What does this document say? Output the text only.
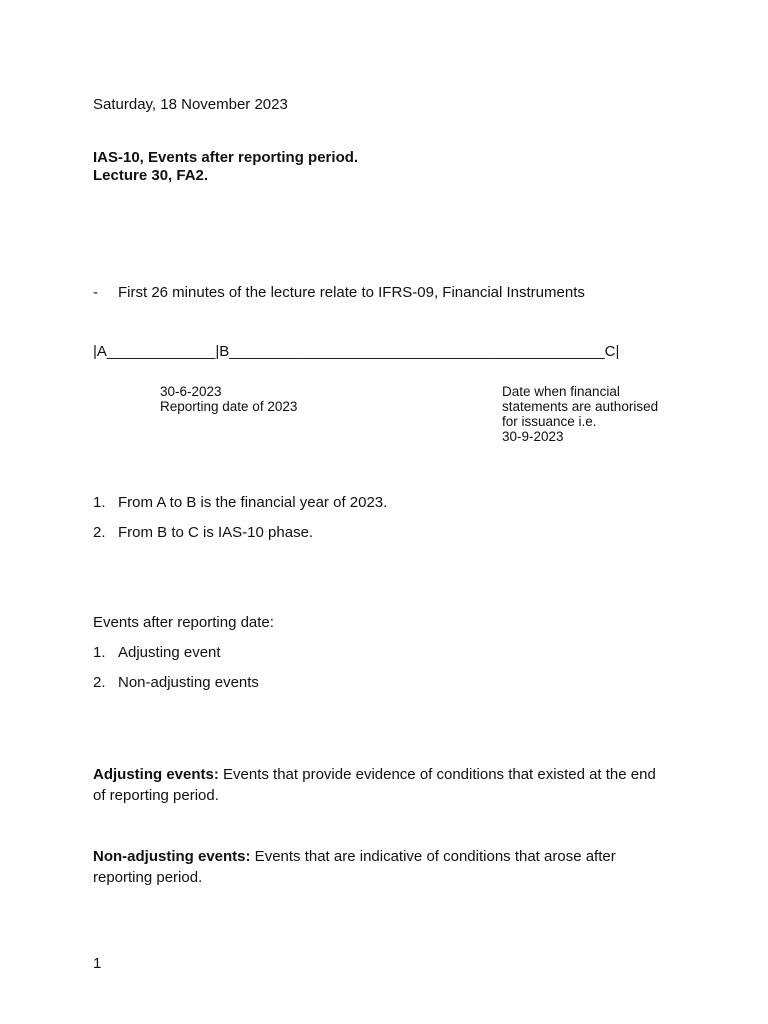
Saturday, 18 November 2023
IAS-10, Events after reporting period.
Lecture 30, FA2.
-	First 26 minutes of the lecture relate to IFRS-09, Financial Instruments
|A_____________|B_____________________________________________C|
30-6-2023
Reporting date of 2023
Date when financial
statements are authorised
for issuance i.e.
30-9-2023
1. From A to B is the financial year of 2023.
2. From B to C is IAS-10 phase.
Events after reporting date:
1. Adjusting event
2. Non-adjusting events
Adjusting events: Events that provide evidence of conditions that existed at the end of reporting period.
Non-adjusting events: Events that are indicative of conditions that arose after reporting period.
1
